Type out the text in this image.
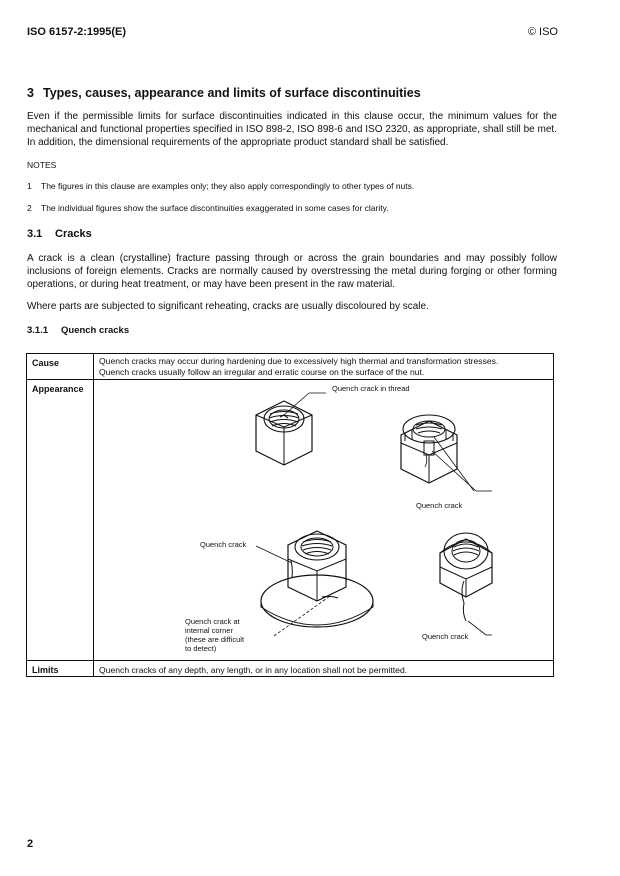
ISO 6157-2:1995(E)	© ISO
3 Types, causes, appearance and limits of surface discontinuities
Even if the permissible limits for surface discontinuities indicated in this clause occur, the minimum values for the mechanical and functional properties specified in ISO 898-2, ISO 898-6 and ISO 2320, as appropriate, shall still be met. In addition, the dimensional requirements of the appropriate product standard shall be satisfied.
NOTES
1 The figures in this clause are examples only; they also apply correspondingly to other types of nuts.
2 The individual figures show the surface discontinuities exaggerated in some cases for clarity.
3.1 Cracks
A crack is a clean (crystalline) fracture passing through or across the grain boundaries and may possibly follow inclusions of foreign elements. Cracks are normally caused by overstressing the metal during forging or other forming operations, or during heat treatment, or may have been present in the raw material.
Where parts are subjected to significant reheating, cracks are usually discoloured by scale.
3.1.1 Quench cracks
Cause	Quench cracks may occur during hardening due to excessively high thermal and transformation stresses.
Quench cracks usually follow an irregular and erratic course on the surface of the nut.
Appearance	Quench crack in thread
Quench crack
Quench crack
Quench crack at
internal corner
(these are difficult
to detect)
Quench crack
Limits	Quench cracks of any depth, any length, or in any location shall not be permitted.
2
